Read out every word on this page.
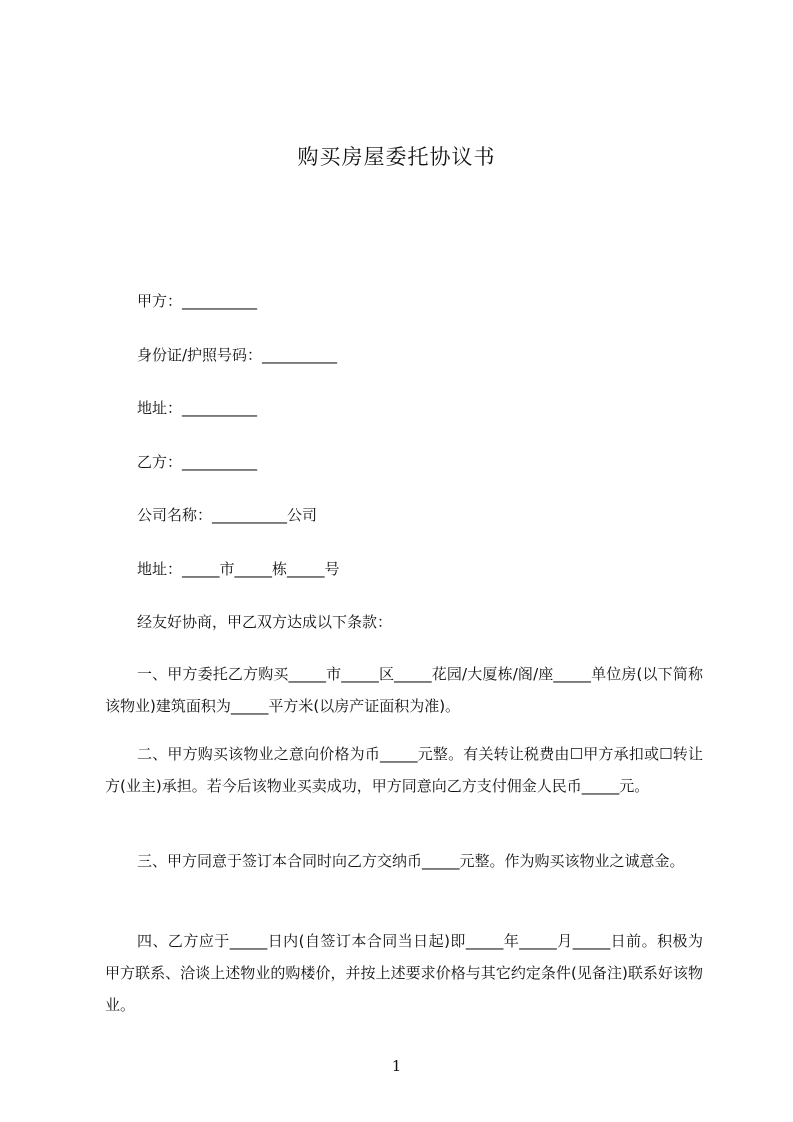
购买房屋委托协议书
甲方：__________
身份证/护照号码：__________
地址：__________
乙方：__________
公司名称：__________公司
地址：_____市_____栋_____号
经友好协商，甲乙双方达成以下条款：
一、甲方委托乙方购买_____市_____区_____花园/大厦栋/阁/座_____单位房(以下简称该物业)建筑面积为_____平方米(以房产证面积为准)。
二、甲方购买该物业之意向价格为币_____元整。有关转让税费由☐甲方承扣或☐转让方(业主)承担。若今后该物业买卖成功，甲方同意向乙方支付佣金人民币_____元。
三、甲方同意于签订本合同时向乙方交纳币_____元整。作为购买该物业之诚意金。
四、乙方应于_____日内(自签订本合同当日起)即_____年_____月_____日前。积极为甲方联系、洽谈上述物业的购楼价，并按上述要求价格与其它约定条件(见备注)联系好该物业。
1
